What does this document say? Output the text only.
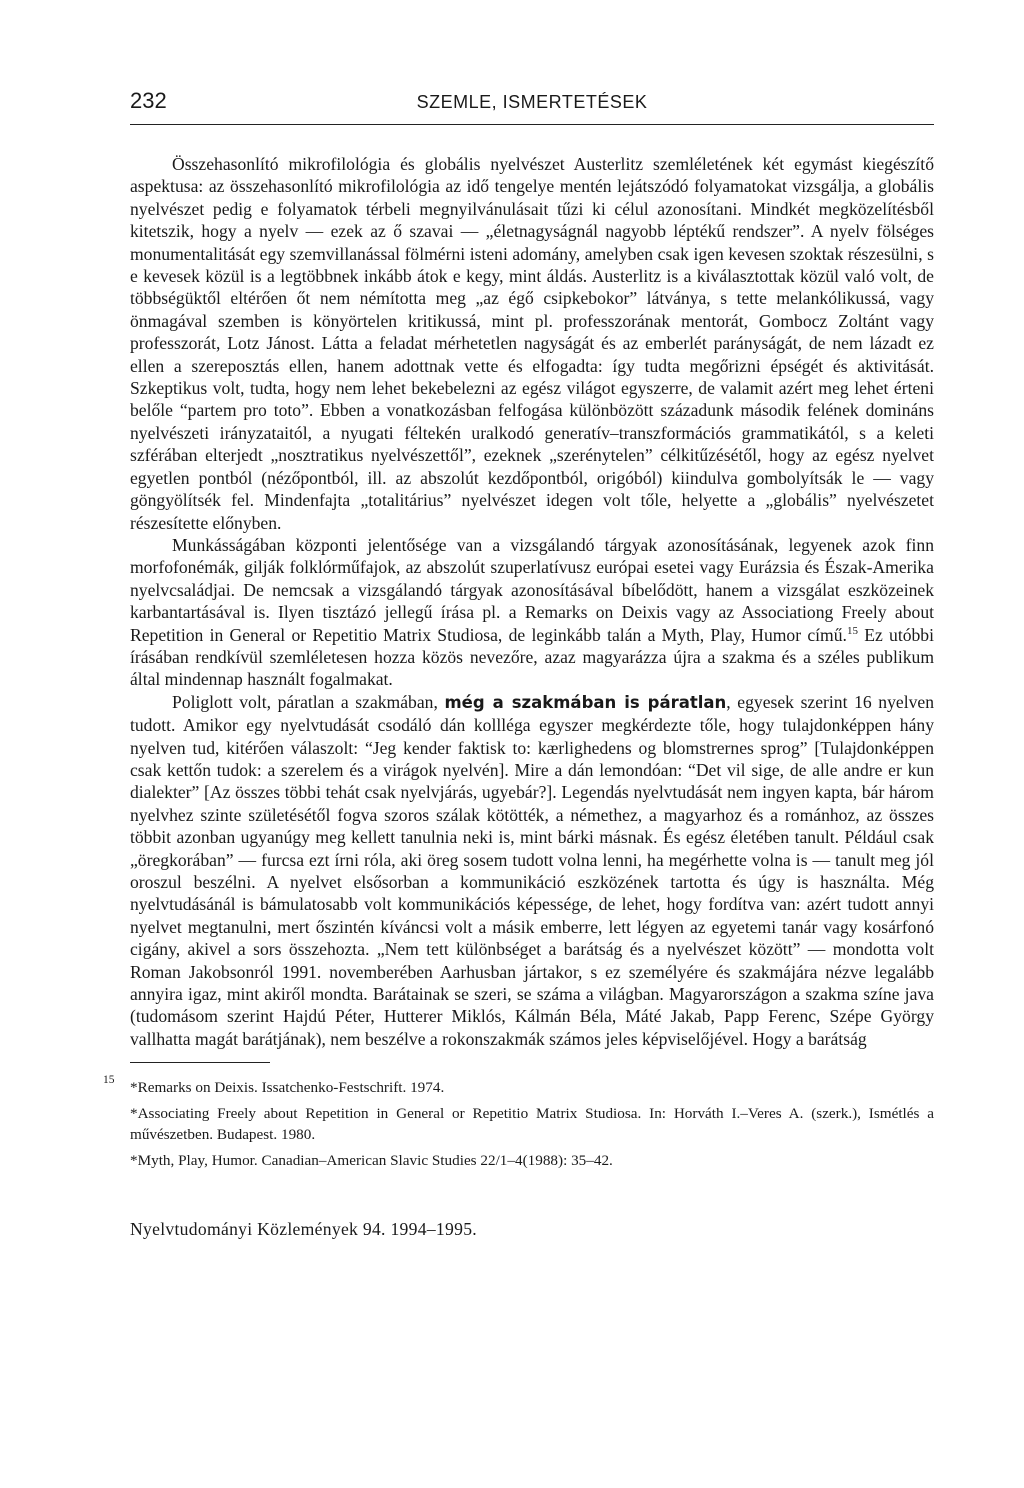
232	SZEMLE, ISMERTETÉSEK

Összehasonlító mikrofilológia és globális nyelvészet Austerlitz szemléletének két egymást kiegészítő aspektusa: az összehasonlító mikrofilológia az idő tengelye mentén lejátszódó folyamatokat vizsgálja, a globális nyelvészet pedig e folyamatok térbeli megnyilvánulásait tűzi ki célul azonosítani. Mindkét megközelítésből kitetszik, hogy a nyelv — ezek az ő szavai — „életnagyságnál nagyobb léptékű rendszer”. A nyelv fölséges monumentalitását egy szemvillanással fölmérni isteni adomány, amelyben csak igen kevesen szoktak részesülni, s e kevesek közül is a legtöbbnek inkább átok e kegy, mint áldás. Austerlitz is a kiválasztottak közül való volt, de többségüktől eltérően őt nem némította meg „az égő csipkebokor” látványa, s tette melankólikussá, vagy önmagával szemben is könyörtelen kritikussá, mint pl. professzorának mentorát, Gombocz Zoltánt vagy professzorát, Lotz Jánost. Látta a feladat mérhetetlen nagyságát és az emberlét parányságát, de nem lázadt ez ellen a szereposztás ellen, hanem adottnak vette és elfogadta: így tudta megőrizni épségét és aktivitását. Szkeptikus volt, tudta, hogy nem lehet bekebelezni az egész világot egyszerre, de valamit azért meg lehet érteni belőle “partem pro toto”. Ebben a vonatkozásban felfogása különbözött századunk második felének domináns nyelvészeti irányzataitól, a nyugati féltekén uralkodó generatív–transzformációs grammatikától, s a keleti szférában elterjedt „nosztratikus nyelvészettől”, ezeknek „szerénytelen” célkitűzésétől, hogy az egész nyelvet egyetlen pontból (nézőpontból, ill. az abszolút kezdőpontból, origóból) kiindulva gombolyítsák le — vagy göngyölítsék fel. Mindenfajta „totalitárius” nyelvészet idegen volt tőle, helyette a „globális” nyelvészetet részesítette előnyben.

Munkásságában központi jelentősége van a vizsgálandó tárgyak azonosításának, legyenek azok finn morfofonémák, gilják folklórműfajok, az abszolút szuperlatívusz európai esetei vagy Eurázsia és Észak-Amerika nyelvcsaládjai. De nemcsak a vizsgálandó tárgyak azonosításával bíbelődött, hanem a vizsgálat eszközeinek karbantartásával is. Ilyen tisztázó jellegű írása pl. a Remarks on Deixis vagy az Associationg Freely about Repetition in General or Repetitio Matrix Studiosa, de leginkább talán a Myth, Play, Humor című.$^{15}$ Ez utóbbi írásában rendkívül szemléletesen hozza közös nevezőre, azaz magyarázza újra a szakma és a széles publikum által mindennap használt fogalmakat.

Poliglott volt, páratlan a szakmában, még a szakmában is páratlan, egyesek szerint 16 nyelven tudott. Amikor egy nyelvtudását csodáló dán kollléga egyszer megkérdezte tőle, hogy tulajdonképpen hány nyelven tud, kitérően válaszolt: “Jeg kender faktisk to: kærlighedens og blomstrernes sprog” [Tulajdonképpen csak kettőn tudok: a szerelem és a virágok nyelvén]. Mire a dán lemondóan: “Det vil sige, de alle andre er kun dialekter” [Az összes többi tehát csak nyelvjárás, ugyebár?]. Legendás nyelvtudását nem ingyen kapta, bár három nyelvhez szinte születésétől fogva szoros szálak kötötték, a némethez, a magyarhoz és a románhoz, az összes többit azonban ugyanúgy meg kellett tanulnia neki is, mint bárki másnak. És egész életében tanult. Például csak „öregkorában” — furcsa ezt írni róla, aki öreg sosem tudott volna lenni, ha megérhette volna is — tanult meg jól oroszul beszélni. A nyelvet elsősorban a kommunikáció eszközének tartotta és úgy is használta. Még nyelvtudásánál is bámulatosabb volt kommunikációs képessége, de lehet, hogy fordítva van: azért tudott annyi nyelvet megtanulni, mert őszintén kíváncsi volt a másik emberre, lett légyen az egyetemi tanár vagy kosárfonó cigány, akivel a sors összehozta. „Nem tett különbséget a barátság és a nyelvészet között” — mondotta volt Roman Jakobsonról 1991. novemberében Aarhusban jártakor, s ez személyére és szakmájára nézve legalább annyira igaz, mint akiről mondta. Barátainak se szeri, se száma a világban. Magyarországon a szakma színe java (tudomásom szerint Hajdú Péter, Hutterer Miklós, Kálmán Béla, Máté Jakab, Papp Ferenc, Szépe György vallhatta magát barátjának), nem beszélve a rokonszakmák számos jeles képviselőjével. Hogy a barátság

15 *Remarks on Deixis. Issatchenko-Festschrift. 1974.

*Associating Freely about Repetition in General or Repetitio Matrix Studiosa. In: Horváth I.–Veres A. (szerk.), Ismétlés a művészetben. Budapest. 1980.

*Myth, Play, Humor. Canadian–American Slavic Studies 22/1–4(1988): 35–42.

Nyelvtudományi Közlemények 94. 1994–1995.
